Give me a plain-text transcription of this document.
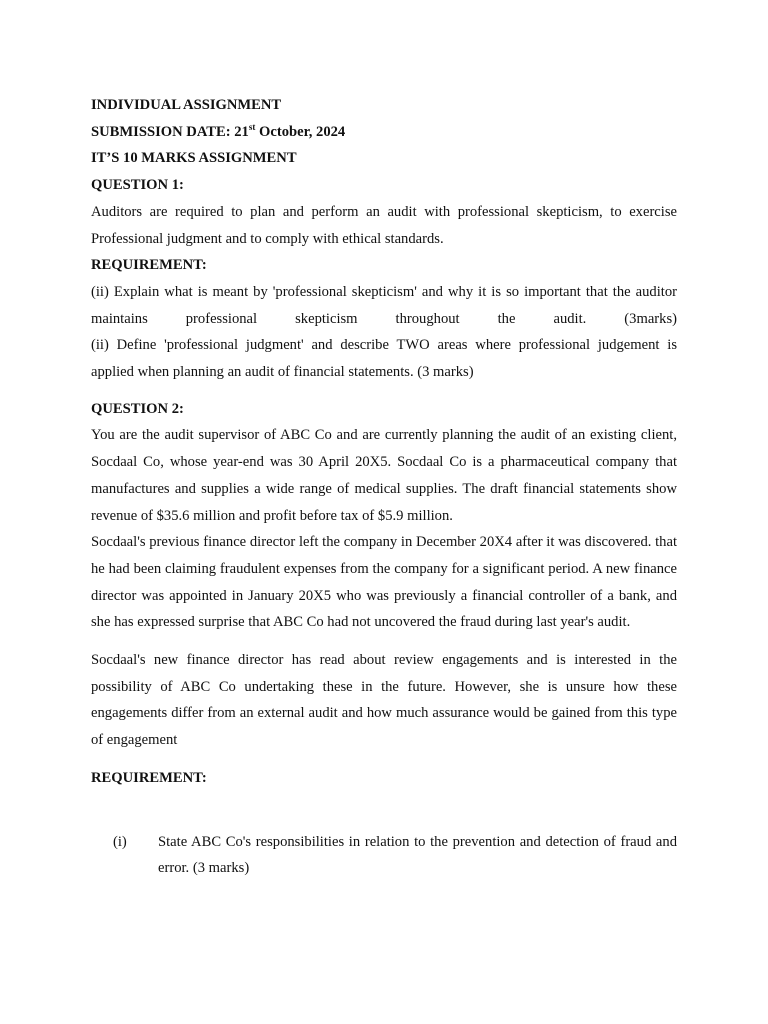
INDIVIDUAL ASSIGNMENT

SUBMISSION DATE: 21st October, 2024

IT’S 10 MARKS ASSIGNMENT

QUESTION 1:

Auditors are required to plan and perform an audit with professional skepticism, to exercise Professional judgment and to comply with ethical standards.

REQUIREMENT:

(ii) Explain what is meant by 'professional skepticism' and why it is so important that the auditor maintains professional skepticism throughout the audit. (3marks)

(ii) Define 'professional judgment' and describe TWO areas where professional judgement is applied when planning an audit of financial statements. (3 marks)

QUESTION 2:

You are the audit supervisor of ABC Co and are currently planning the audit of an existing client, Socdaal Co, whose year-end was 30 April 20X5. Socdaal Co is a pharmaceutical company that manufactures and supplies a wide range of medical supplies. The draft financial statements show revenue of $35.6 million and profit before tax of $5.9 million.

Socdaal's previous finance director left the company in December 20X4 after it was discovered. that he had been claiming fraudulent expenses from the company for a significant period. A new finance director was appointed in January 20X5 who was previously a financial controller of a bank, and she has expressed surprise that ABC Co had not uncovered the fraud during last year's audit.

Socdaal's new finance director has read about review engagements and is interested in the possibility of ABC Co undertaking these in the future. However, she is unsure how these engagements differ from an external audit and how much assurance would be gained from this type of engagement

REQUIREMENT:

(i)	State ABC Co's responsibilities in relation to the prevention and detection of fraud and error. (3 marks)
